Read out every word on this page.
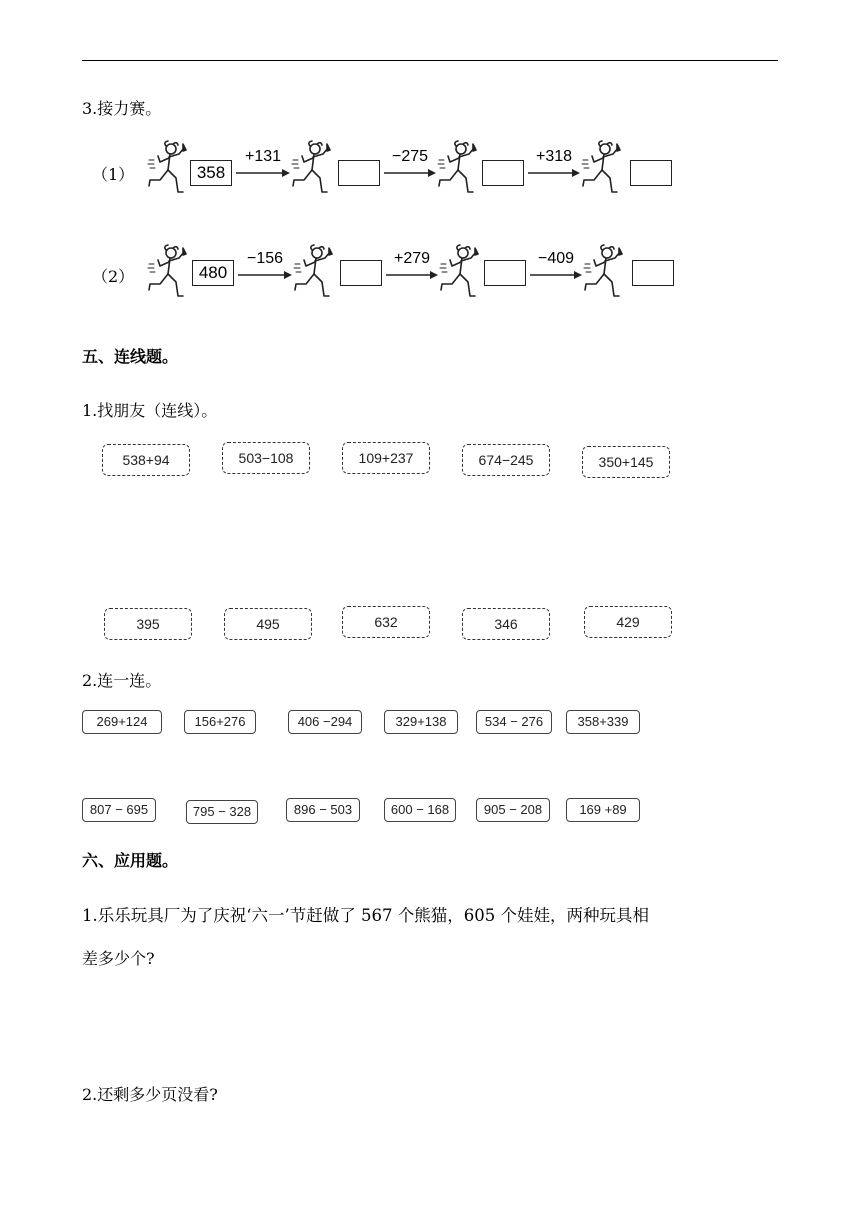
3.接力赛。
（1）	358
+131	−275	+318
（2）	480
−156	+279	−409
五、连线题。
1.找朋友（连线）。
538+94	503−108	109+237	674−245	350+145
395	495	632	346	429
2.连一连。
269+124	156+276	406 −294	329+138	534 − 276	358+339
807 − 695	795 − 328	896 − 503	600 − 168	905 − 208	169 +89
六、应用题。
1.乐乐玩具厂为了庆祝‘六一’节赶做了 567 个熊猫，605 个娃娃，两种玩具相
差多少个?
2.还剩多少页没看?
